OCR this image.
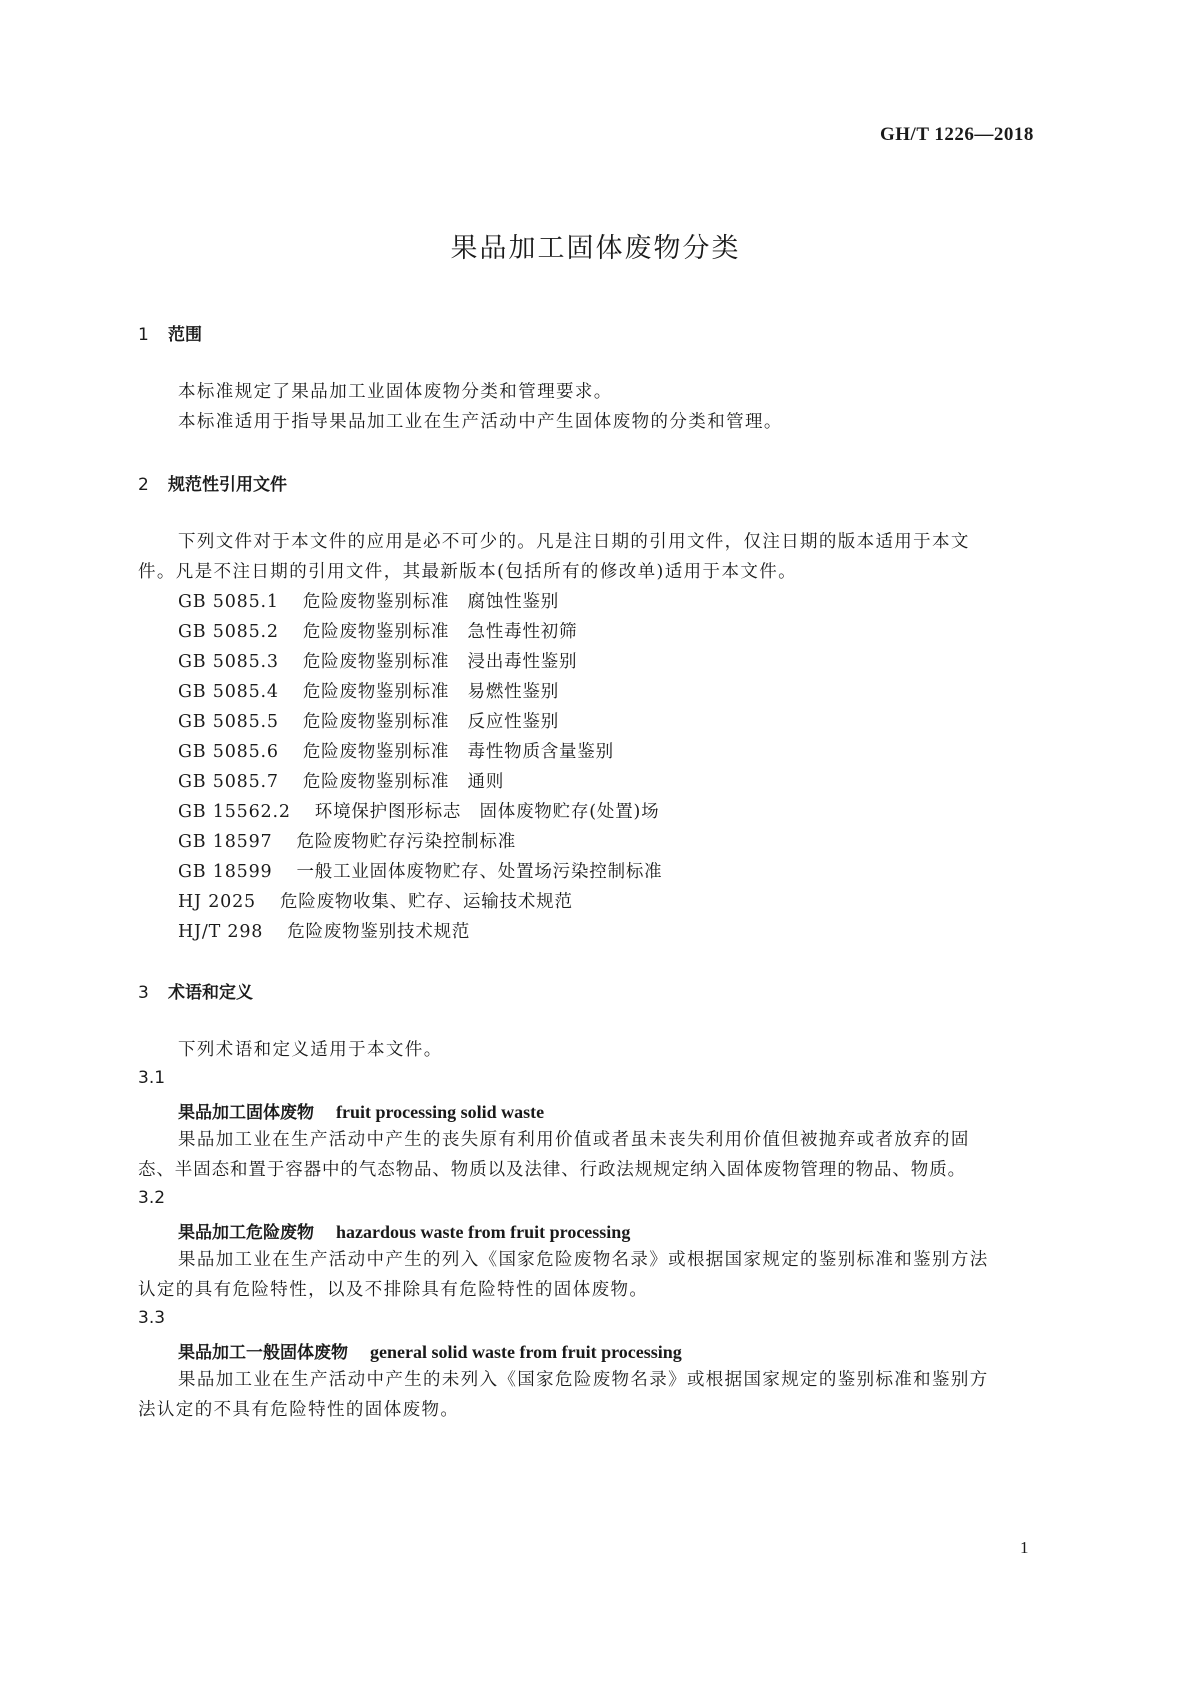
GH/T 1226—2018
果品加工固体废物分类
1 范围
本标准规定了果品加工业固体废物分类和管理要求。
本标准适用于指导果品加工业在生产活动中产生固体废物的分类和管理。
2 规范性引用文件
下列文件对于本文件的应用是必不可少的。凡是注日期的引用文件，仅注日期的版本适用于本文
件。凡是不注日期的引用文件，其最新版本(包括所有的修改单)适用于本文件。
GB 5085.1 危险废物鉴别标准　腐蚀性鉴别
GB 5085.2 危险废物鉴别标准　急性毒性初筛
GB 5085.3 危险废物鉴别标准　浸出毒性鉴别
GB 5085.4 危险废物鉴别标准　易燃性鉴别
GB 5085.5 危险废物鉴别标准　反应性鉴别
GB 5085.6 危险废物鉴别标准　毒性物质含量鉴别
GB 5085.7 危险废物鉴别标准　通则
GB 15562.2 环境保护图形标志　固体废物贮存(处置)场
GB 18597 危险废物贮存污染控制标准
GB 18599 一般工业固体废物贮存、处置场污染控制标准
HJ 2025 危险废物收集、贮存、运输技术规范
HJ/T 298 危险废物鉴别技术规范
3 术语和定义
下列术语和定义适用于本文件。
3.1
果品加工固体废物 fruit processing solid waste
果品加工业在生产活动中产生的丧失原有利用价值或者虽未丧失利用价值但被抛弃或者放弃的固
态、半固态和置于容器中的气态物品、物质以及法律、行政法规规定纳入固体废物管理的物品、物质。
3.2
果品加工危险废物 hazardous waste from fruit processing
果品加工业在生产活动中产生的列入《国家危险废物名录》或根据国家规定的鉴别标准和鉴别方法
认定的具有危险特性，以及不排除具有危险特性的固体废物。
3.3
果品加工一般固体废物 general solid waste from fruit processing
果品加工业在生产活动中产生的未列入《国家危险废物名录》或根据国家规定的鉴别标准和鉴别方
法认定的不具有危险特性的固体废物。
1
